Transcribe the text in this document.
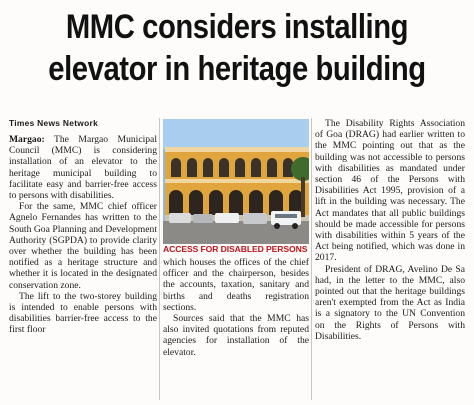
MMC considers installing
elevator in heritage building
Times News Network

Margao: The Margao Municipal Council (MMC) is considering installation of an elevator to the heritage municipal building to facilitate easy and barrier-free access to persons with disabilities.

For the same, MMC chief officer Agnelo Fernandes has written to the South Goa Planning and Development Authority (SGPDA) to provide clarity over whether the building has been notified as a heritage structure and whether it is located in the designated conservation zone.

The lift to the two-storey building is intended to enable persons with disabilities barrier-free access to the first floor

ACCESS FOR DISABLED PERSONS

which houses the offices of the chief officer and the chairperson, besides the accounts, taxation, sanitary and births and deaths registration sections.

Sources said that the MMC has also invited quotations from reputed agencies for installation of the elevator.

The Disability Rights Association of Goa (DRAG) had earlier written to the MMC pointing out that as the building was not accessible to persons with disabilities as mandated under section 46 of the Persons with Disabilities Act 1995, provision of a lift in the building was necessary. The Act mandates that all public buildings should be made accessible for persons with disabilities within 5 years of the Act being notified, which was done in 2017.

President of DRAG, Avelino De Sa had, in the letter to the MMC, also pointed out that the heritage buildings aren't exempted from the Act as India is a signatory to the UN Convention on the Rights of Persons with Disabilities.
